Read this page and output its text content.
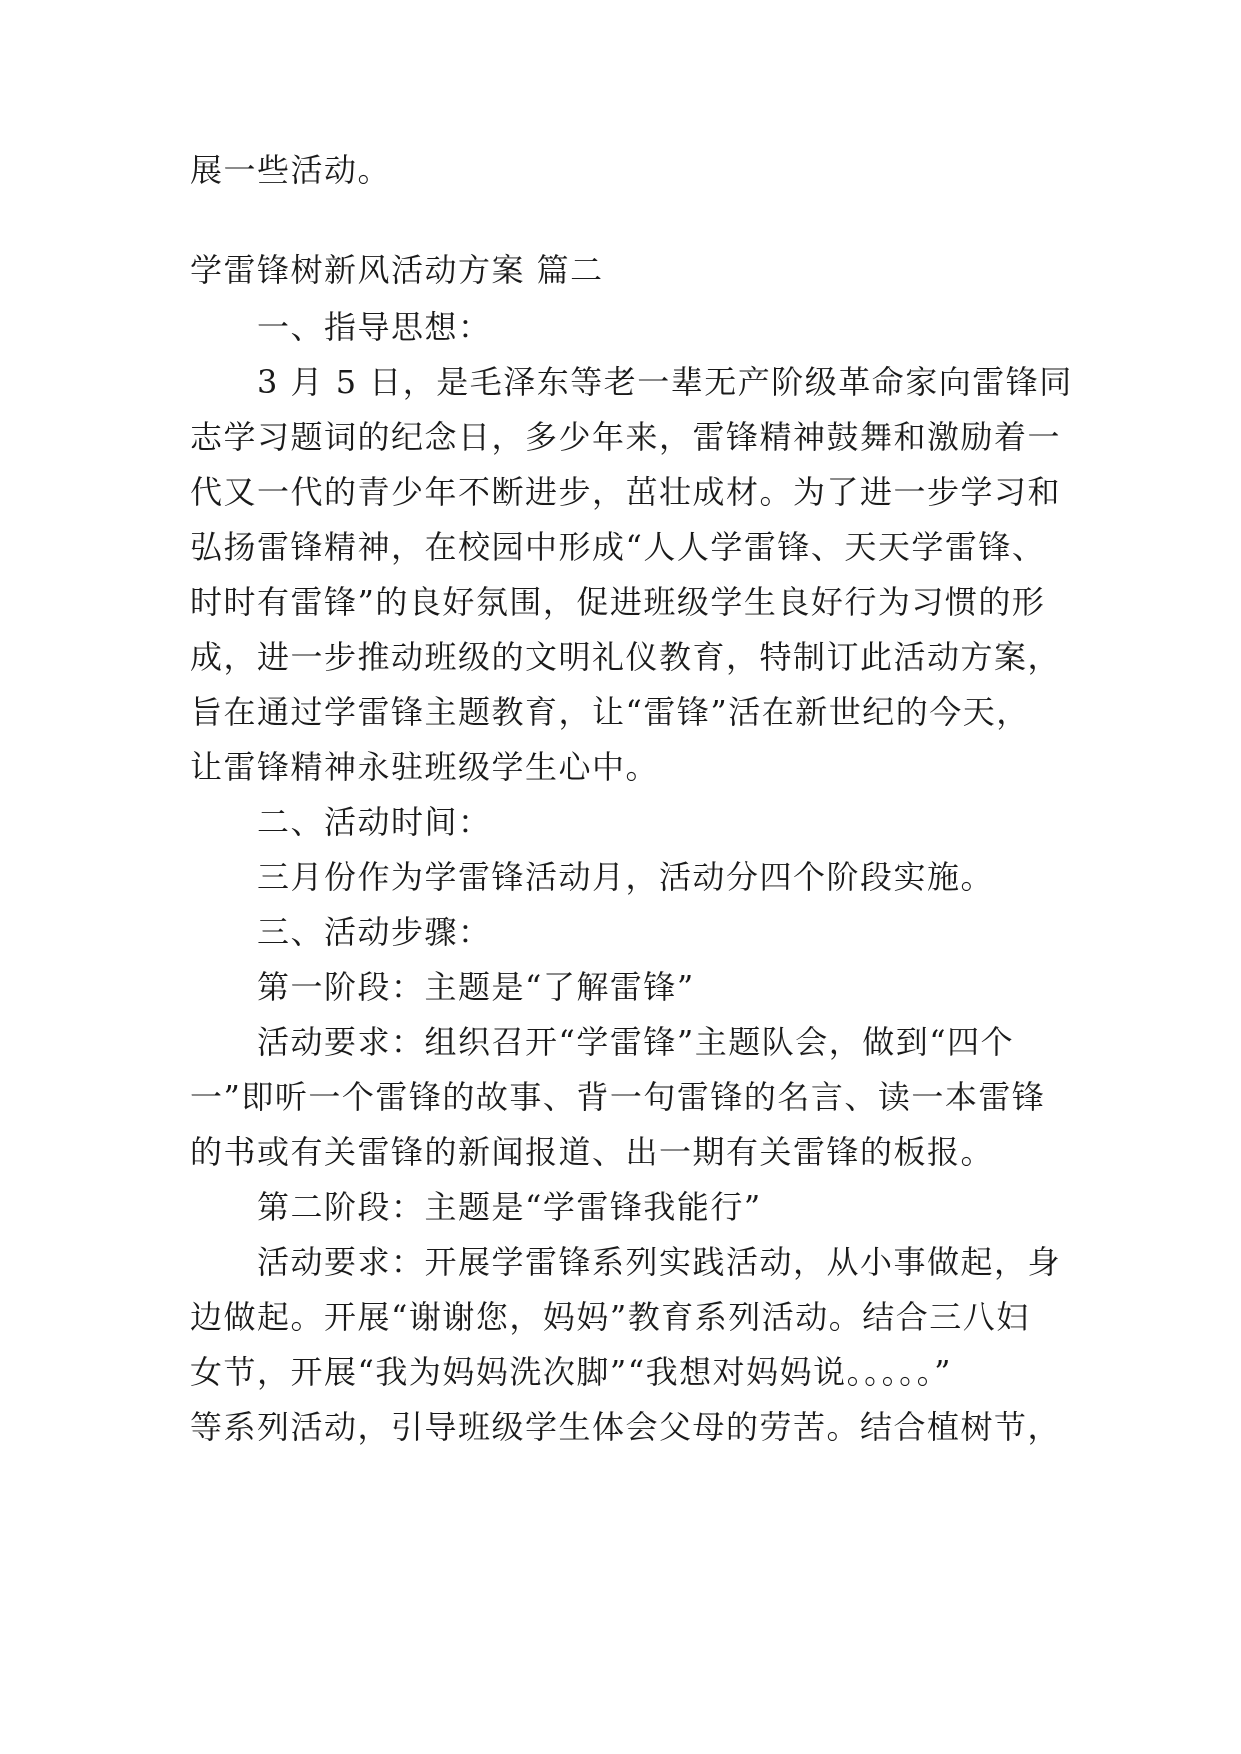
展一些活动。
学雷锋树新风活动方案 篇二
一、指导思想：
3 月 5 日，是毛泽东等老一辈无产阶级革命家向雷锋同
志学习题词的纪念日，多少年来，雷锋精神鼓舞和激励着一
代又一代的青少年不断进步，茁壮成材。为了进一步学习和
弘扬雷锋精神，在校园中形成“人人学雷锋、天天学雷锋、
时时有雷锋”的良好氛围，促进班级学生良好行为习惯的形
成，进一步推动班级的文明礼仪教育，特制订此活动方案，
旨在通过学雷锋主题教育，让“雷锋”活在新世纪的今天，
让雷锋精神永驻班级学生心中。
二、活动时间：
三月份作为学雷锋活动月，活动分四个阶段实施。
三、活动步骤：
第一阶段：主题是“了解雷锋”
活动要求：组织召开“学雷锋”主题队会，做到“四个
一”即听一个雷锋的故事、背一句雷锋的名言、读一本雷锋
的书或有关雷锋的新闻报道、出一期有关雷锋的板报。
第二阶段：主题是“学雷锋我能行”
活动要求：开展学雷锋系列实践活动，从小事做起，身
边做起。开展“谢谢您，妈妈”教育系列活动。结合三八妇
女节，开展“我为妈妈洗次脚”“我想对妈妈说。。。。。”
等系列活动，引导班级学生体会父母的劳苦。结合植树节，
